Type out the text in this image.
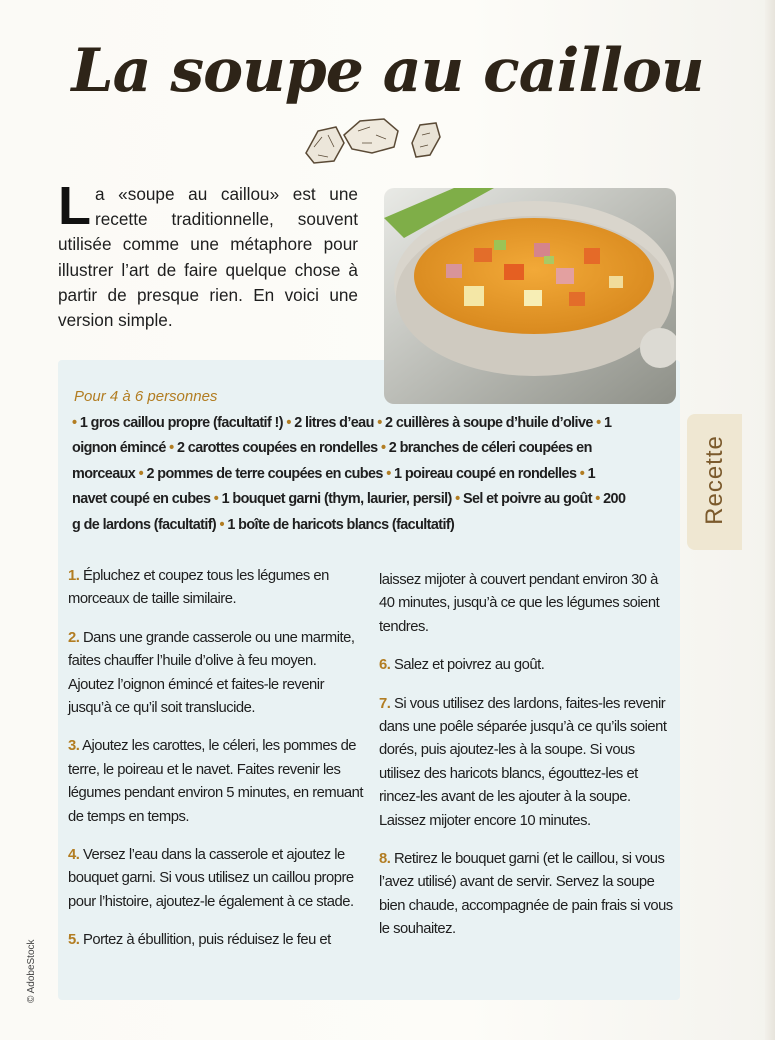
La soupe au caillou
La «soupe au caillou» est une recette traditionnelle, souvent utilisée comme une métaphore pour illustrer l’art de faire quelque chose à partir de presque rien. En voici une version simple.
Pour 4 à 6 personnes
• 1 gros caillou propre (facultatif !) • 2 litres d’eau • 2 cuillères à soupe d’huile d’olive • 1 oignon émincé • 2 carottes coupées en rondelles • 2 branches de céleri coupées en morceaux • 2 pommes de terre coupées en cubes • 1 poireau coupé en rondelles • 1 navet coupé en cubes • 1 bouquet garni (thym, laurier, persil) • Sel et poivre au goût • 200 g de lardons (facultatif) • 1 boîte de haricots blancs (facultatif)

1. Épluchez et coupez tous les légumes en morceaux de taille similaire.

2. Dans une grande casserole ou une marmite, faites chauffer l’huile d’olive à feu moyen. Ajoutez l’oignon émincé et faites-le revenir jusqu’à ce qu’il soit translucide.

3. Ajoutez les carottes, le céleri, les pommes de terre, le poireau et le navet. Faites revenir les légumes pendant environ 5 minutes, en remuant de temps en temps.

4. Versez l’eau dans la casserole et ajoutez le bouquet garni. Si vous utilisez un caillou propre pour l’histoire, ajoutez-le également à ce stade.

5. Portez à ébullition, puis réduisez le feu et

laissez mijoter à couvert pendant environ 30 à 40 minutes, jusqu’à ce que les légumes soient tendres.

6. Salez et poivrez au goût.

7. Si vous utilisez des lardons, faites-les revenir dans une poêle séparée jusqu’à ce qu’ils soient dorés, puis ajoutez-les à la soupe. Si vous utilisez des haricots blancs, égouttez-les et rincez-les avant de les ajouter à la soupe. Laissez mijoter encore 10 minutes.

8. Retirez le bouquet garni (et le caillou, si vous l’avez utilisé) avant de servir. Servez la soupe bien chaude, accompagnée de pain frais si vous le souhaitez.

Recette
© AdobeStock
